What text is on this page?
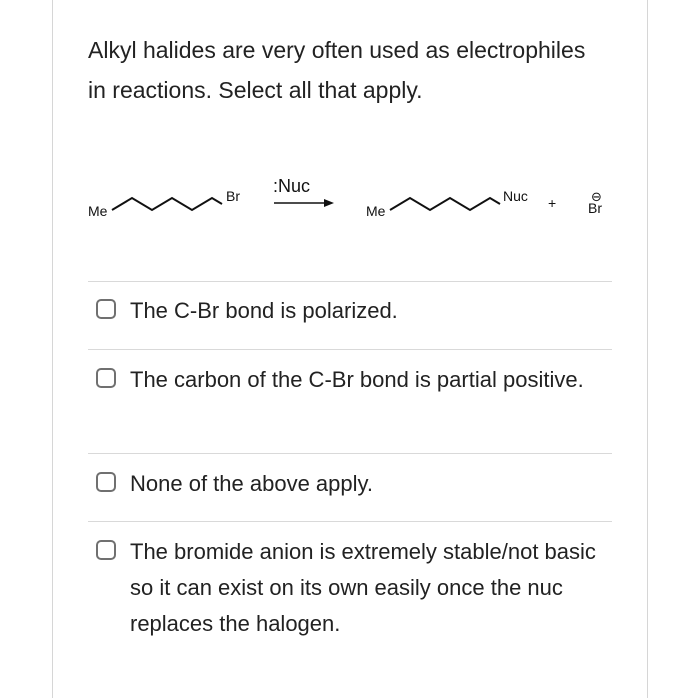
Alkyl halides are very often used as electrophiles in reactions. Select all that apply.
Me
Br :Nuc
Me
Nuc +	⊖
Br
The C-Br bond is polarized.
The carbon of the C-Br bond is partial positive.
None of the above apply.
The bromide anion is extremely stable/not basic so it can exist on its own easily once the nuc replaces the halogen.
